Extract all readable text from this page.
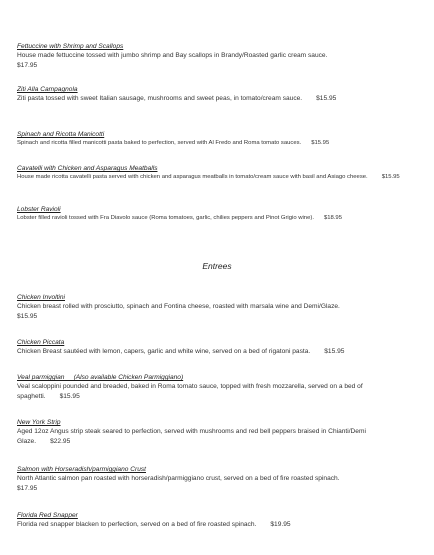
Fettuccine with Shrimp and Scallops
House made fettuccine tossed with jumbo shrimp and Bay scallops in Brandy/Roasted garlic cream sauce.
$17.95
Ziti Alla Campagnola
Ziti pasta tossed with sweet Italian sausage, mushrooms and sweet peas, in tomato/cream sauce. $15.95
Spinach and Ricotta Manicotti
Spinach and ricotta filled manicotti pasta baked to perfection, served with Al Fredo and Roma tomato sauces. $15.95
Cavatelli with Chicken and Asparagus Meatballs
House made ricotta cavatelli pasta served with chicken and asparagus meatballs in tomato/cream sauce with basil and Asiago cheese. $15.95
Lobster Ravioli
Lobster filled ravioli tossed with Fra Diavolo sauce (Roma tomatoes, garlic, chilies peppers and Pinot Grigio wine). $18.95
Entrees
Chicken Involtini
Chicken breast rolled with prosciutto, spinach and Fontina cheese, roasted with marsala wine and Demi/Glaze.
$15.95
Chicken Piccata
Chicken Breast sautéed with lemon, capers, garlic and white wine, served on a bed of rigatoni pasta. $15.95
Veal parmiggian     (Also available Chicken Parmiggiano)
Veal scaloppini pounded and breaded, baked in Roma tomato sauce, topped with fresh mozzarella, served on a bed of spaghetti. $15.95
New York Strip
Aged 12oz Angus strip steak seared to perfection, served with mushrooms and red bell peppers braised in Chianti/Demi Glaze. $22.95
Salmon with Horseradish/parmiggiano Crust
North Atlantic salmon pan roasted with horseradish/parmiggiano crust, served on a bed of fire roasted spinach.
$17.95
Florida Red Snapper
Florida red snapper blacken to perfection, served on a bed of fire roasted spinach. $19.95
